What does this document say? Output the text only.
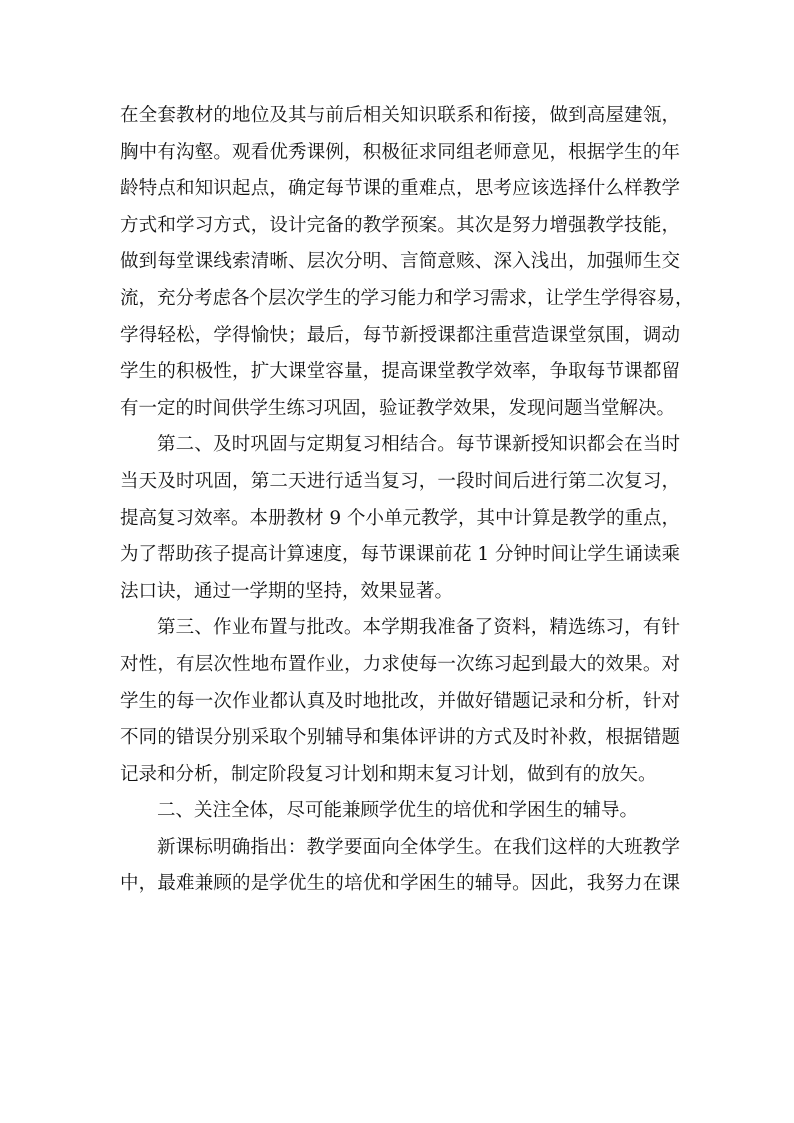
在全套教材的地位及其与前后相关知识联系和衔接，做到高屋建瓴，
胸中有沟壑。观看优秀课例，积极征求同组老师意见，根据学生的年
龄特点和知识起点，确定每节课的重难点，思考应该选择什么样教学
方式和学习方式，设计完备的教学预案。其次是努力增强教学技能，
做到每堂课线索清晰、层次分明、言简意赅、深入浅出，加强师生交
流，充分考虑各个层次学生的学习能力和学习需求，让学生学得容易，
学得轻松，学得愉快；最后，每节新授课都注重营造课堂氛围，调动
学生的积极性，扩大课堂容量，提高课堂教学效率，争取每节课都留
有一定的时间供学生练习巩固，验证教学效果，发现问题当堂解决。
第二、及时巩固与定期复习相结合。每节课新授知识都会在当时
当天及时巩固，第二天进行适当复习，一段时间后进行第二次复习，
提高复习效率。本册教材 9 个小单元教学，其中计算是教学的重点，
为了帮助孩子提高计算速度，每节课课前花 1 分钟时间让学生诵读乘
法口诀，通过一学期的坚持，效果显著。
第三、作业布置与批改。本学期我准备了资料，精选练习，有针
对性，有层次性地布置作业，力求使每一次练习起到最大的效果。对
学生的每一次作业都认真及时地批改，并做好错题记录和分析，针对
不同的错误分别采取个别辅导和集体评讲的方式及时补救，根据错题
记录和分析，制定阶段复习计划和期末复习计划，做到有的放矢。
二、关注全体，尽可能兼顾学优生的培优和学困生的辅导。
新课标明确指出：教学要面向全体学生。在我们这样的大班教学
中，最难兼顾的是学优生的培优和学困生的辅导。因此，我努力在课
